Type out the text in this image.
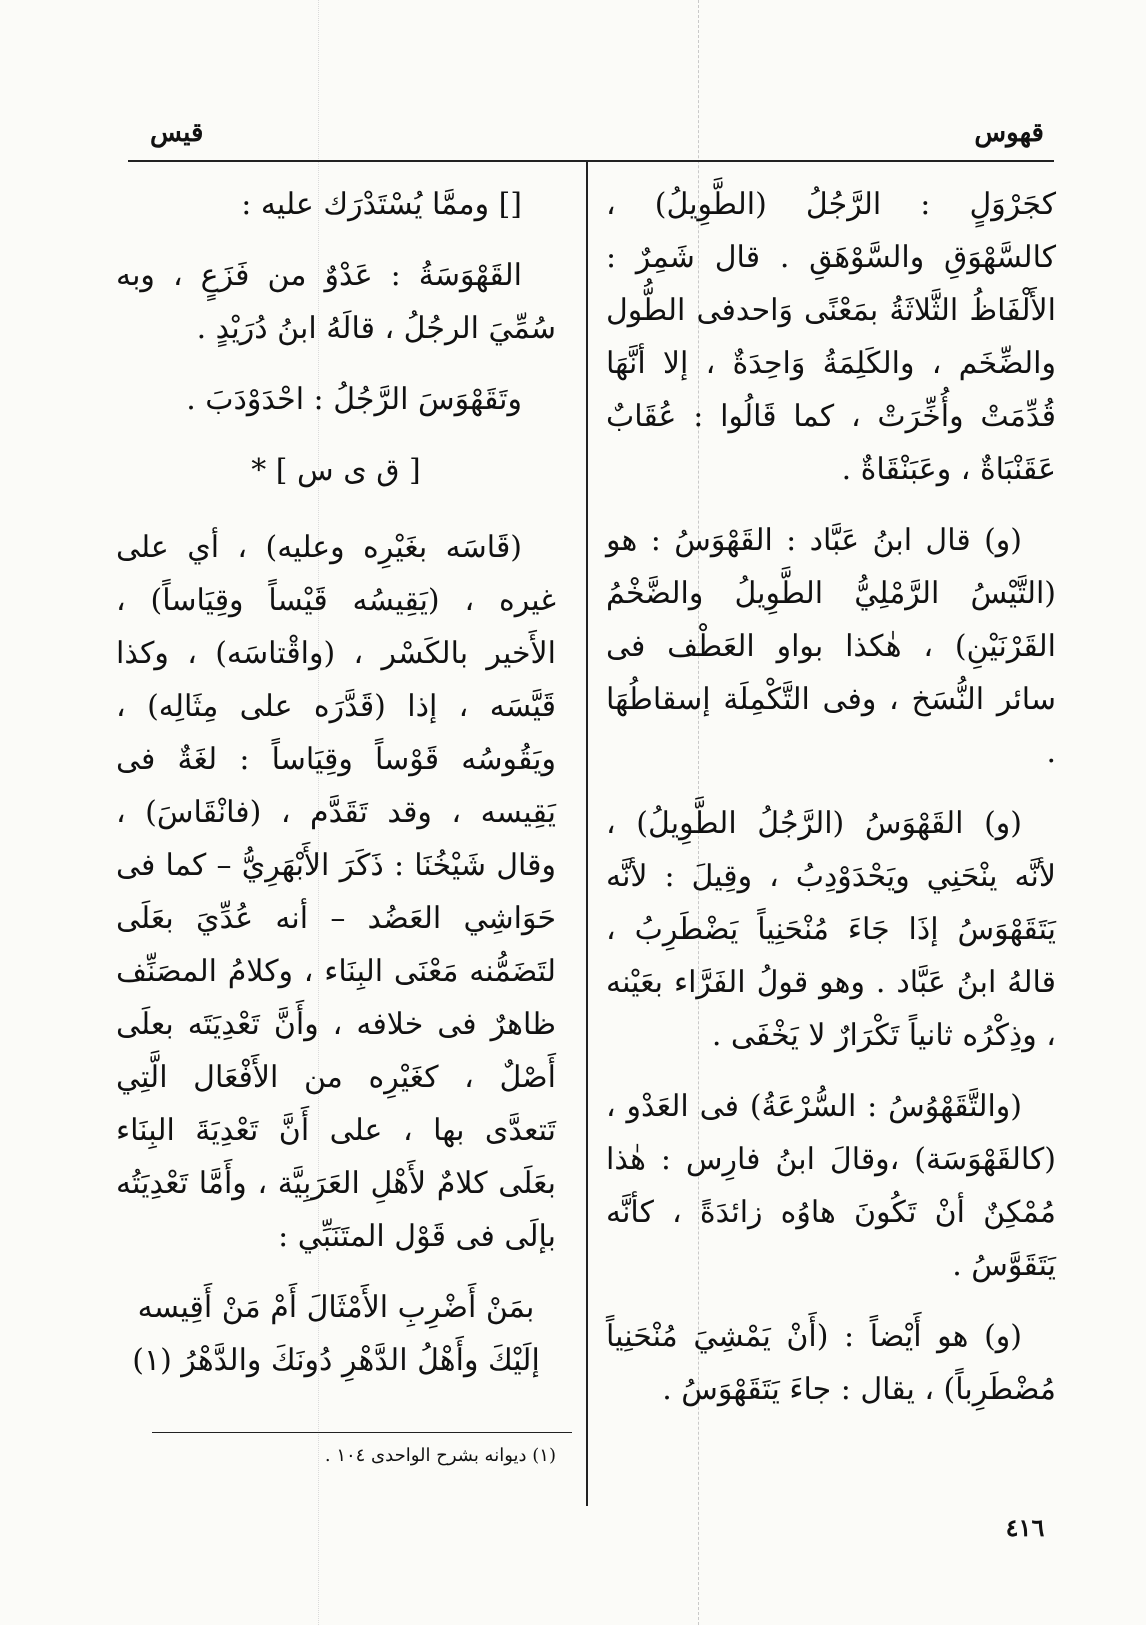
قهوس
قيس

كجَرْوَلٍ : الرَّجُلُ (الطَّوِيلُ) ، كالسَّهْوَقِ والسَّوْهَقِ . قال شَمِرٌ : الأَلْفَاظُ الثَّلاثَةُ بمَعْنًى وَاحدفى الطُّول والضِّخَم ، والكَلِمَةُ وَاحِدَةٌ ، إلا أنَّهَا قُدِّمَتْ وأُخِّرَتْ ، كما قَالُوا : عُقَابٌ عَقَنْبَاةٌ ، وعَبَنْقَاةٌ .

(و) قال ابنُ عَبَّاد : القَهْوَسُ : هو (التَّيْسُ الرَّمْلِيُّ الطَّوِيلُ والضَّخْمُ القَرْنَيْنِ) ، هٰكذا بواو العَطْف فى سائر النُّسَخ ، وفى التَّكْمِلَة إسقاطُهَا .

(و) القَهْوَسُ (الرَّجُلُ الطَّوِيلُ) ، لأنَّه ينْحَنِي ويَحْدَوْدِبُ ، وقِيلَ : لأنَّه يَتَقَهْوَسُ إذَا جَاءَ مُنْحَنِياً يَضْطَرِبُ ، قالهُ ابنُ عَبَّاد . وهو قولُ الفَرَّاء بعَيْنه ، وذِكْرُه ثانياً تَكْرَارٌ لا يَخْفَى .

(والتَّقَهْوُسُ : السُّرْعَةُ) فى العَدْو ، (كالقَهْوَسَة) ،وقالَ ابنُ فارِس : هٰذا مُمْكِنٌ أنْ تَكُونَ هاوُه زائدَةً ، كأنَّه يَتَقَوَّسُ .

(و) هو أَيْضاً : (أَنْ يَمْشِيَ مُنْحَنِياً مُضْطَرِباً) ، يقال : جاءَ يَتَقَهْوَسُ .

[] وممَّا يُسْتَدْرَك عليه :

القَهْوَسَةُ : عَدْوٌ من فَزَعٍ ، وبه سُمِّيَ الرجُلُ ، قالَهُ ابنُ دُرَيْدٍ .

وتَقَهْوَسَ الرَّجُلُ : احْدَوْدَبَ .

[ ق ى س ] *

(قَاسَه بغَيْرِه وعليه) ، أي على غيره ، (يَقِيسُه قَيْساً وقِيَاساً) ، الأَخير بالكَسْر ، (واقْتاسَه) ، وكذا قَيَّسَه ، إذا (قَدَّرَه على مِثَالِه) ، ويَقُوسُه قَوْساً وقِيَاساً : لغَةٌ فى يَقِيسه ، وقد تَقَدَّم ، (فانْقَاسَ) ، وقال شَيْخُنَا : ذَكَرَ الأَبْهَرِيُّ – كما فى حَوَاشِي العَضُد – أنه عُدِّيَ بعَلَى لتَضَمُّنه مَعْنَى البِنَاء ، وكلامُ المصَنِّف ظاهرٌ فى خلافه ، وأَنَّ تَعْدِيَتَه بعلَى أَصْلٌ ، كغَيْرِه من الأَفْعَال الَّتِي تَتعدَّى بها ، على أَنَّ تَعْدِيَةَ البِنَاء بعَلَى كلامٌ لأَهْلِ العَرَبِيَّة ، وأَمَّا تَعْدِيَتُه بإلَى فى قَوْل المتَنَبِّي :

بمَنْ أَضْرِبِ الأَمْثَالَ أَمْ مَنْ أَقِيسه

إلَيْكَ وأَهْلُ الدَّهْرِ دُونَكَ والدَّهْرُ (١)

(١) ديوانه بشرح الواحدى ١٠٤ .
٤١٦
